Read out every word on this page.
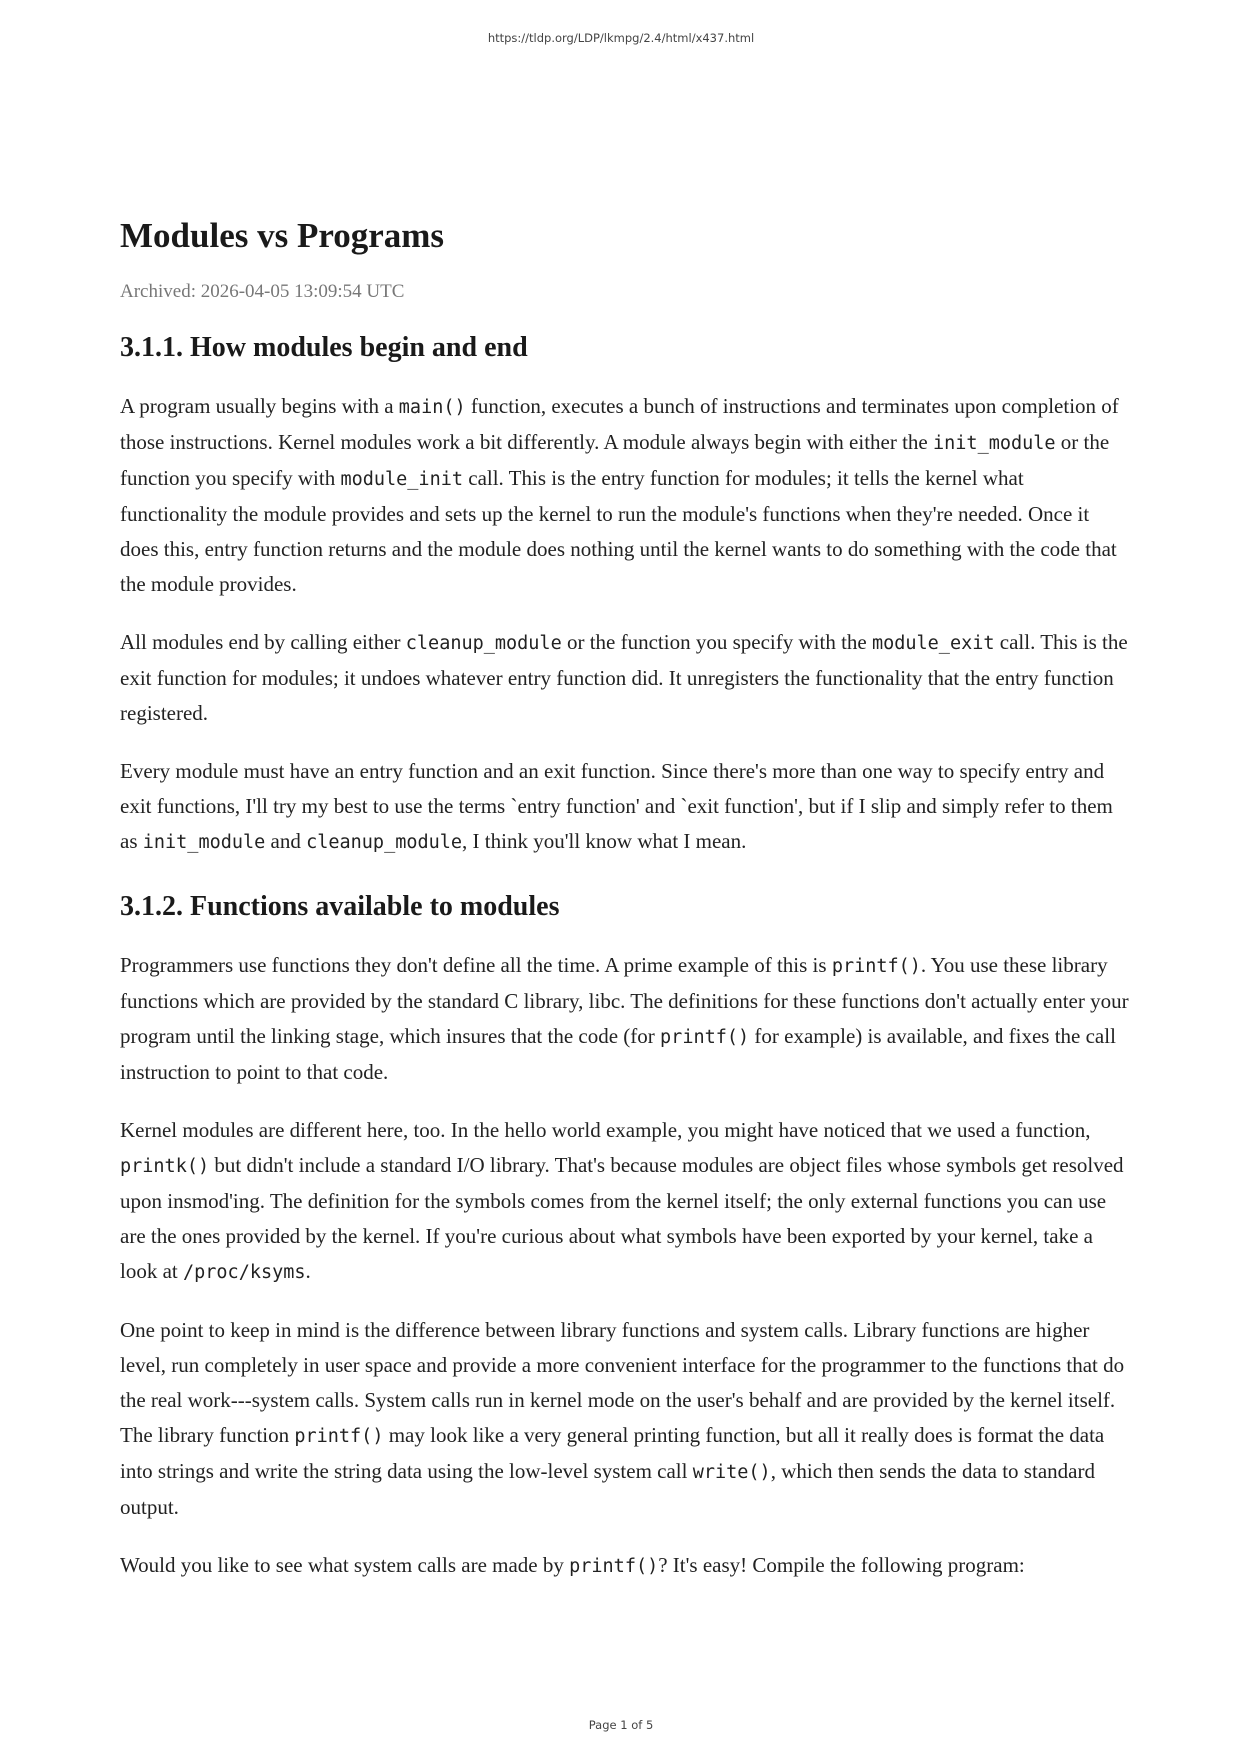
https://tldp.org/LDP/lkmpg/2.4/html/x437.html
Modules vs Programs
Archived: 2026-04-05 13:09:54 UTC
3.1.1. How modules begin and end

A program usually begins with a main() function, executes a bunch of instructions and terminates upon completion of those instructions. Kernel modules work a bit differently. A module always begin with either the init_module or the function you specify with module_init call. This is the entry function for modules; it tells the kernel what functionality the module provides and sets up the kernel to run the module's functions when they're needed. Once it does this, entry function returns and the module does nothing until the kernel wants to do something with the code that the module provides.

All modules end by calling either cleanup_module or the function you specify with the module_exit call. This is the exit function for modules; it undoes whatever entry function did. It unregisters the functionality that the entry function registered.

Every module must have an entry function and an exit function. Since there's more than one way to specify entry and exit functions, I'll try my best to use the terms `entry function' and `exit function', but if I slip and simply refer to them as init_module and cleanup_module, I think you'll know what I mean.

3.1.2. Functions available to modules

Programmers use functions they don't define all the time. A prime example of this is printf(). You use these library functions which are provided by the standard C library, libc. The definitions for these functions don't actually enter your program until the linking stage, which insures that the code (for printf() for example) is available, and fixes the call instruction to point to that code.

Kernel modules are different here, too. In the hello world example, you might have noticed that we used a function, printk() but didn't include a standard I/O library. That's because modules are object files whose symbols get resolved upon insmod'ing. The definition for the symbols comes from the kernel itself; the only external functions you can use are the ones provided by the kernel. If you're curious about what symbols have been exported by your kernel, take a look at /proc/ksyms.

One point to keep in mind is the difference between library functions and system calls. Library functions are higher level, run completely in user space and provide a more convenient interface for the programmer to the functions that do the real work---system calls. System calls run in kernel mode on the user's behalf and are provided by the kernel itself. The library function printf() may look like a very general printing function, but all it really does is format the data into strings and write the string data using the low-level system call write(), which then sends the data to standard output.

Would you like to see what system calls are made by printf()? It's easy! Compile the following program:

Page 1 of 5
